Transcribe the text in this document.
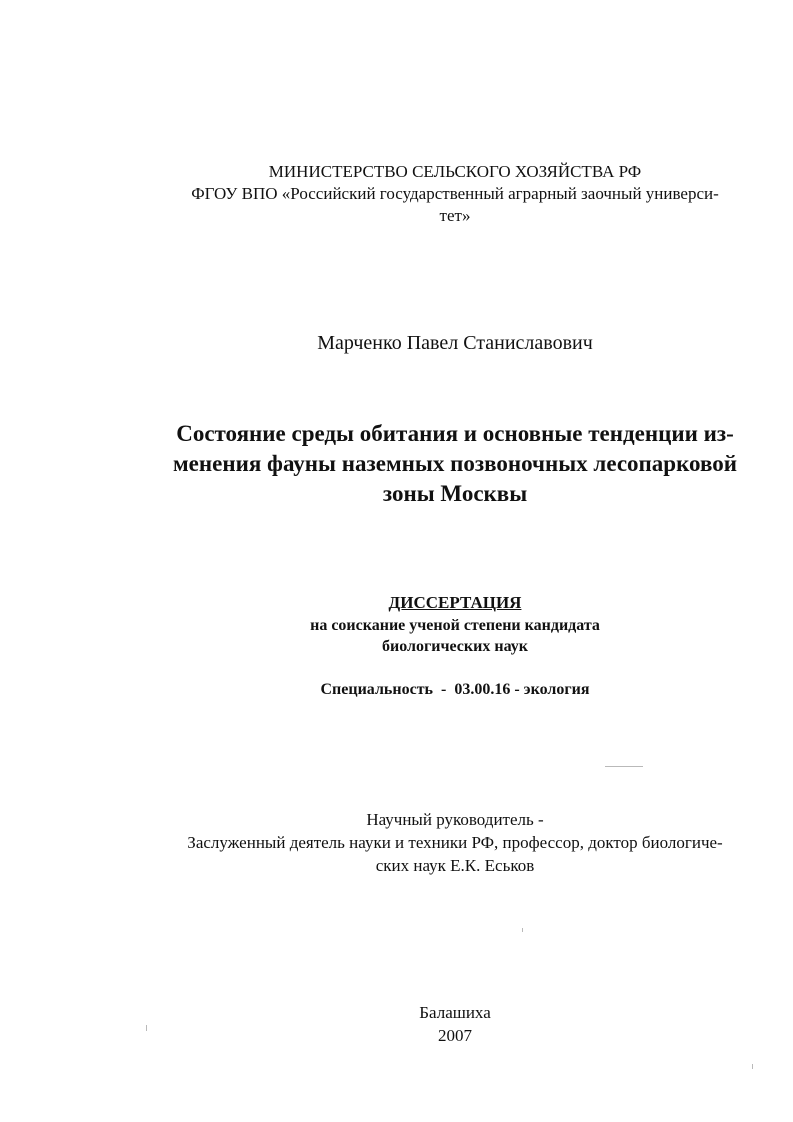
МИНИСТЕРСТВО СЕЛЬСКОГО ХОЗЯЙСТВА РФ
ФГОУ ВПО «Российский государственный аграрный заочный универси-
тет»
Марченко Павел Станиславович
Состояние среды обитания и основные тенденции из-
менения фауны наземных позвоночных лесопарковой
зоны Москвы
ДИССЕРТАЦИЯ
на соискание ученой степени кандидата
биологических наук
Специальность  -  03.00.16 - экология
Научный руководитель -
Заслуженный деятель науки и техники РФ, профессор, доктор биологиче-
ских наук Е.К. Еськов
Балашиха
2007
